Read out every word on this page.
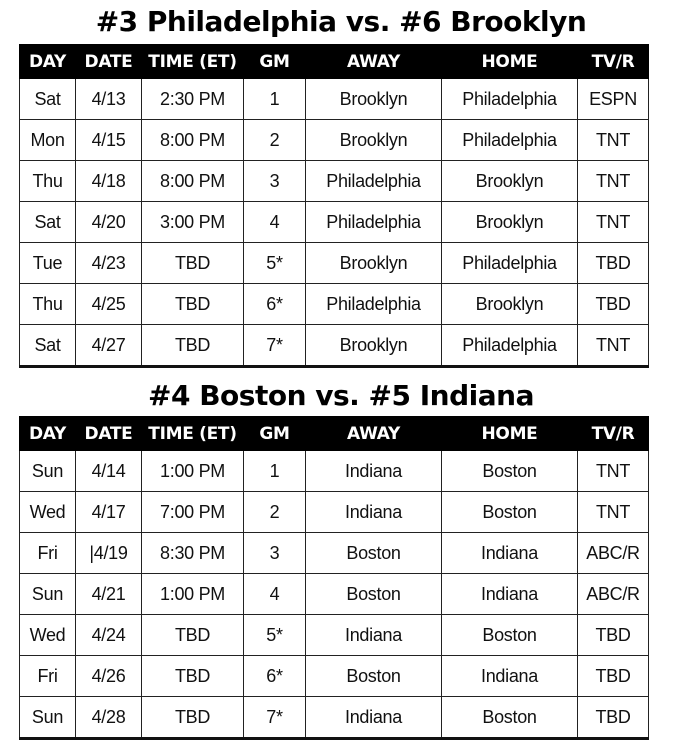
#3 Philadelphia vs. #6 Brooklyn
DAY	DATE	TIME (ET)	GM	AWAY	HOME	TV/R
Sat	4/13	2:30 PM	1	Brooklyn	Philadelphia	ESPN
Mon	4/15	8:00 PM	2	Brooklyn	Philadelphia	TNT
Thu	4/18	8:00 PM	3	Philadelphia	Brooklyn	TNT
Sat	4/20	3:00 PM	4	Philadelphia	Brooklyn	TNT
Tue	4/23	TBD	5*	Brooklyn	Philadelphia	TBD
Thu	4/25	TBD	6*	Philadelphia	Brooklyn	TBD
Sat	4/27	TBD	7*	Brooklyn	Philadelphia	TNT
#4 Boston vs. #5 Indiana
DAY	DATE	TIME (ET)	GM	AWAY	HOME	TV/R
Sun	4/14	1:00 PM	1	Indiana	Boston	TNT
Wed	4/17	7:00 PM	2	Indiana	Boston	TNT
Fri	|4/19	8:30 PM	3	Boston	Indiana	ABC/R
Sun	4/21	1:00 PM	4	Boston	Indiana	ABC/R
Wed	4/24	TBD	5*	Indiana	Boston	TBD
Fri	4/26	TBD	6*	Boston	Indiana	TBD
Sun	4/28	TBD	7*	Indiana	Boston	TBD
